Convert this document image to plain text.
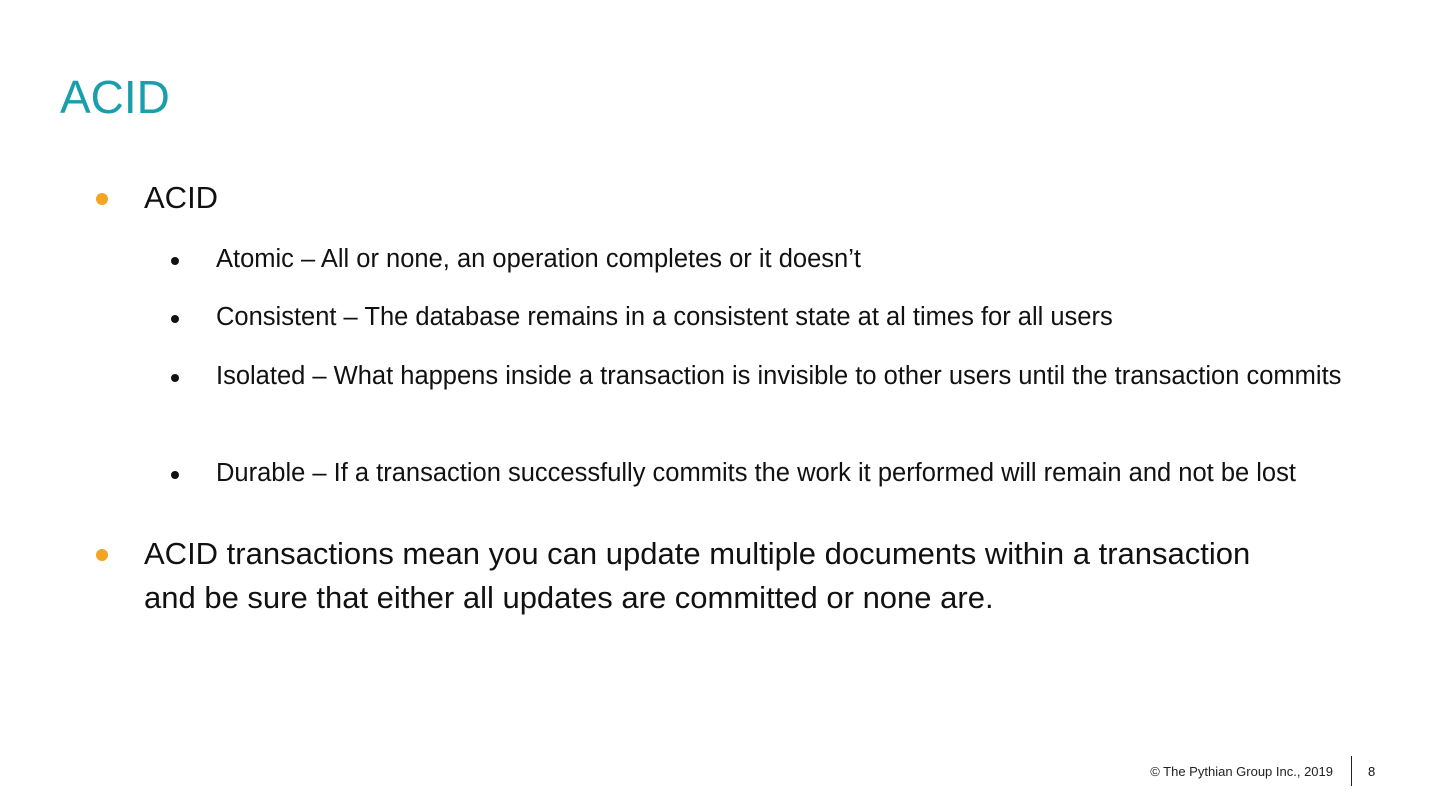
ACID
ACID
Atomic – All or none, an operation completes or it doesn’t
Consistent – The database remains in a consistent state at al times for all users
Isolated – What happens inside a transaction is invisible to other users until the transaction commits
Durable – If a transaction successfully commits the work it performed will remain and not be lost
ACID transactions mean you can update multiple documents within a transaction and be sure that either all updates are committed or none are.
© The Pythian Group Inc., 2019	8
